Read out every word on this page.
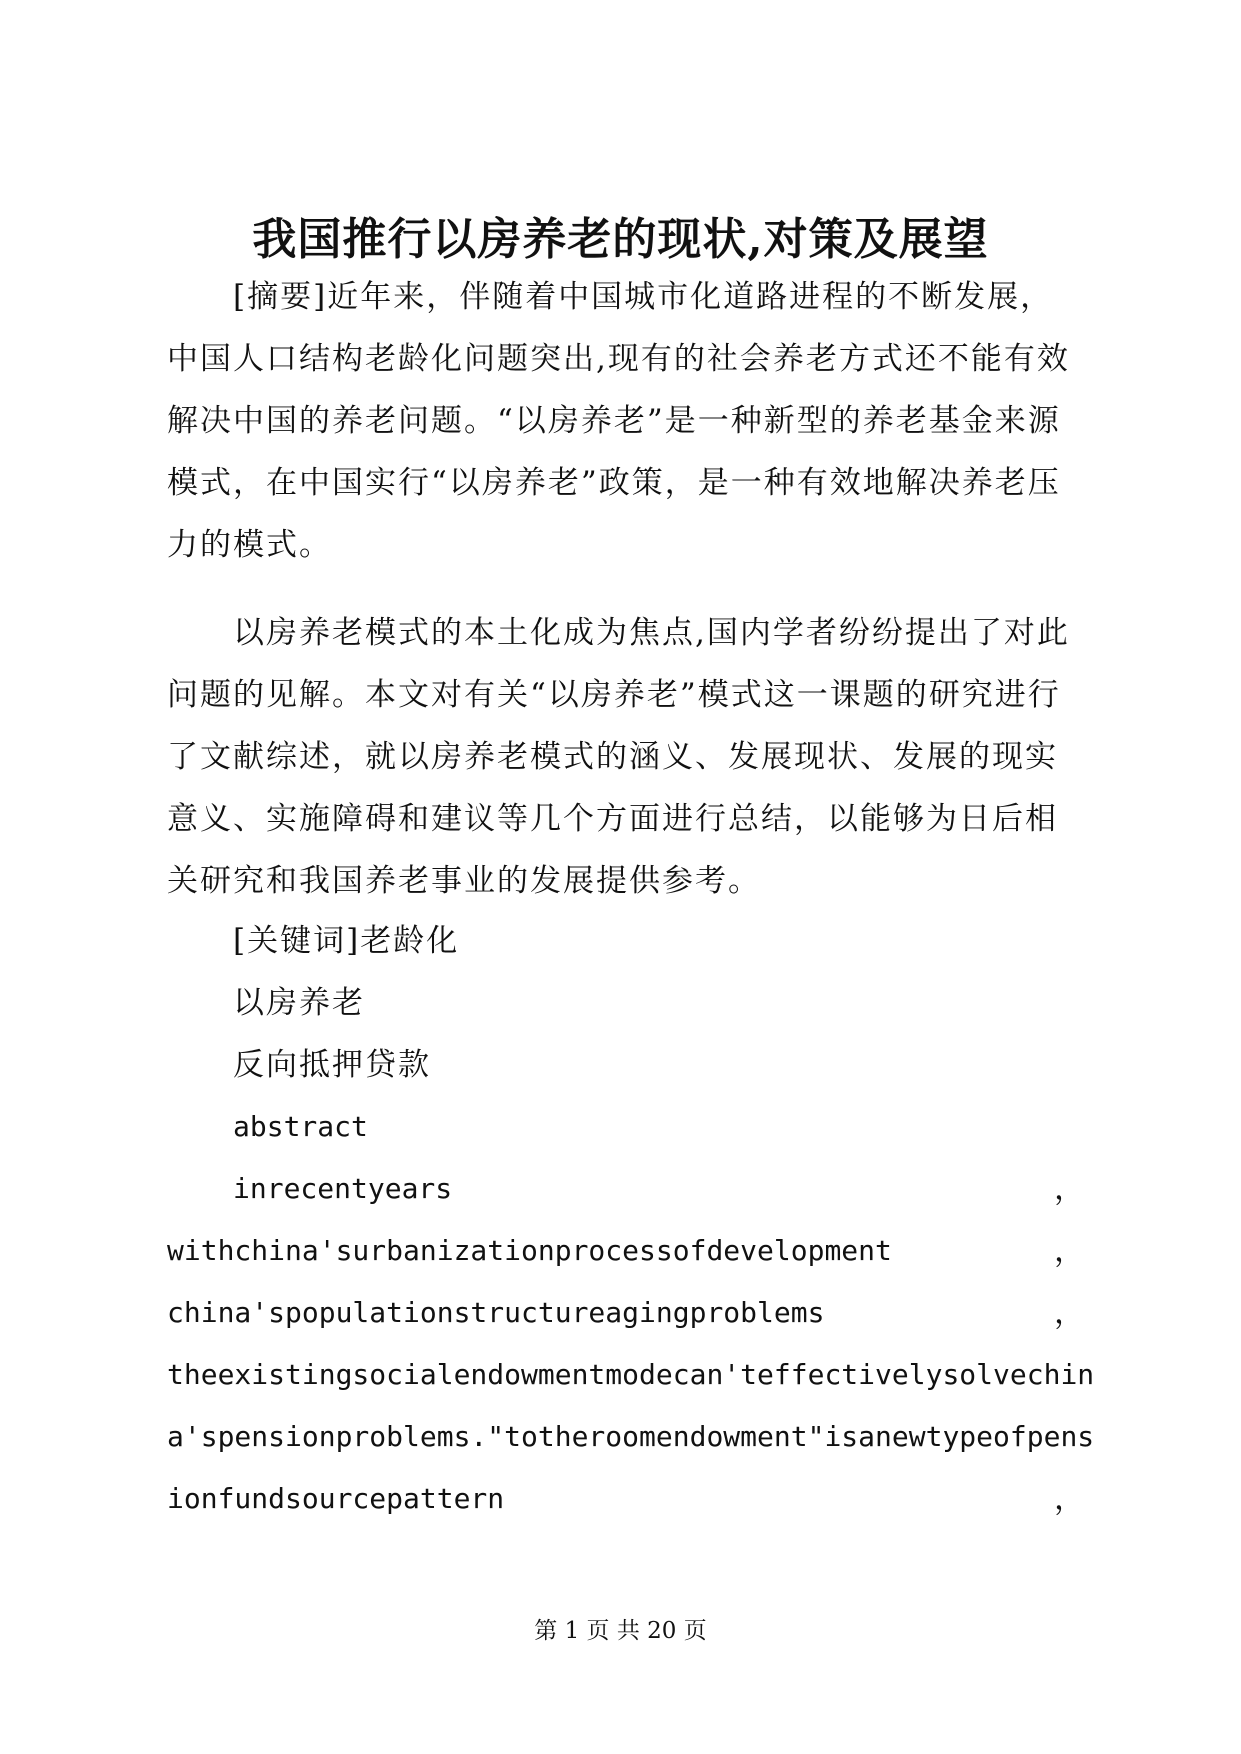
我国推行以房养老的现状,对策及展望
[摘要]近年来，伴随着中国城市化道路进程的不断发展，中国人口结构老龄化问题突出,现有的社会养老方式还不能有效解决中国的养老问题。“以房养老”是一种新型的养老基金来源模式，在中国实行“以房养老”政策，是一种有效地解决养老压力的模式。
以房养老模式的本土化成为焦点,国内学者纷纷提出了对此问题的见解。本文对有关“以房养老”模式这一课题的研究进行了文献综述，就以房养老模式的涵义、发展现状、发展的现实意义、实施障碍和建议等几个方面进行总结，以能够为日后相关研究和我国养老事业的发展提供参考。
[关键词]老龄化
以房养老
反向抵押贷款
abstract
inrecentyears	，
withchina'surbanizationprocessofdevelopment	，
china'spopulationstructureagingproblems	，
theexistingsocialendowmentmodecan'teffectivelysolvechin
a'spensionproblems."totheroomendowment"isanewtypeofpens
ionfundsourcepattern	，
第 1 页 共 20 页
